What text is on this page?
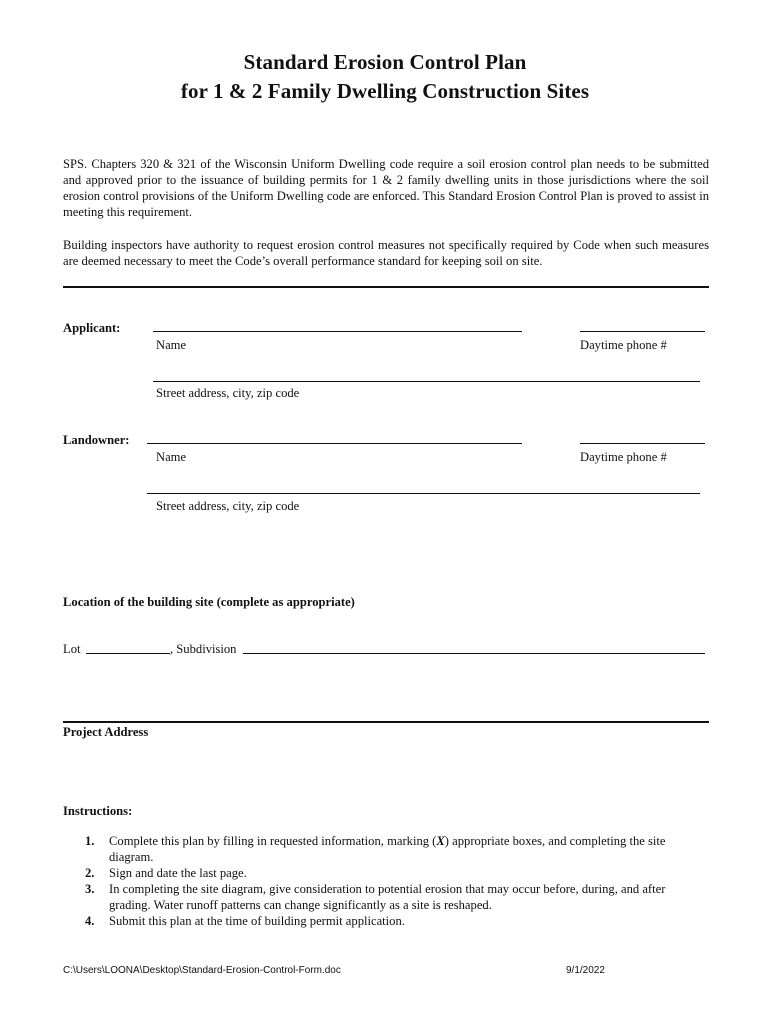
Standard Erosion Control Plan
for 1 & 2 Family Dwelling Construction Sites
SPS. Chapters 320 & 321 of the Wisconsin Uniform Dwelling code require a soil erosion control plan needs to be submitted and approved prior to the issuance of building permits for 1 & 2 family dwelling units in those jurisdictions where the soil erosion control provisions of the Uniform Dwelling code are enforced. This Standard Erosion Control Plan is proved to assist in meeting this requirement.
Building inspectors have authority to request erosion control measures not specifically required by Code when such measures are deemed necessary to meet the Code’s overall performance standard for keeping soil on site.
Applicant:
Name	Daytime phone #
Street address, city, zip code
Landowner:
Name	Daytime phone #
Street address, city, zip code
Location of the building site (complete as appropriate)
Lot	, Subdivision
Project Address
Instructions:
1. Complete this plan by filling in requested information, marking (X) appropriate boxes, and completing the site diagram.
2. Sign and date the last page.
3. In completing the site diagram, give consideration to potential erosion that may occur before, during, and after grading. Water runoff patterns can change significantly as a site is reshaped.
4. Submit this plan at the time of building permit application.
C:\Users\LOONA\Desktop\Standard-Erosion-Control-Form.doc	9/1/2022
